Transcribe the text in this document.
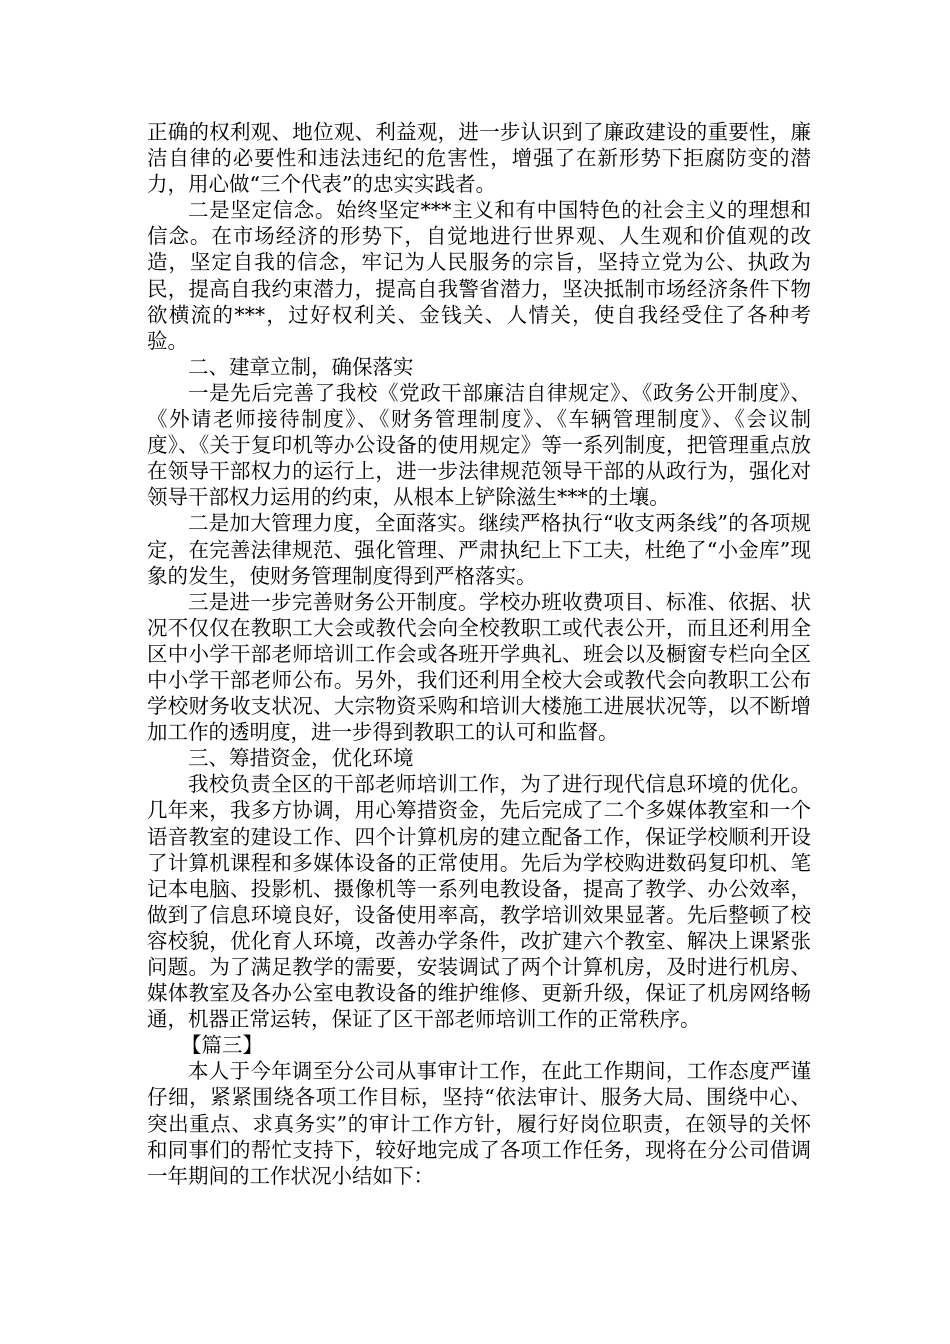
正确的权利观、地位观、利益观，进一步认识到了廉政建设的重要性，廉洁自律的必要性和违法违纪的危害性，增强了在新形势下拒腐防变的潜力，用心做“三个代表”的忠实实践者。

二是坚定信念。始终坚定***主义和有中国特色的社会主义的理想和信念。在市场经济的形势下，自觉地进行世界观、人生观和价值观的改造，坚定自我的信念，牢记为人民服务的宗旨，坚持立党为公、执政为民，提高自我约束潜力，提高自我警省潜力，坚决抵制市场经济条件下物欲横流的***，过好权利关、金钱关、人情关，使自我经受住了各种考验。

二、建章立制，确保落实

一是先后完善了我校《党政干部廉洁自律规定》、《政务公开制度》、《外请老师接待制度》、《财务管理制度》、《车辆管理制度》、《会议制度》、《关于复印机等办公设备的使用规定》等一系列制度，把管理重点放在领导干部权力的运行上，进一步法律规范领导干部的从政行为，强化对领导干部权力运用的约束，从根本上铲除滋生***的土壤。

二是加大管理力度，全面落实。继续严格执行“收支两条线”的各项规定，在完善法律规范、强化管理、严肃执纪上下工夫，杜绝了“小金库”现象的发生，使财务管理制度得到严格落实。

三是进一步完善财务公开制度。学校办班收费项目、标准、依据、状况不仅仅在教职工大会或教代会向全校教职工或代表公开，而且还利用全区中小学干部老师培训工作会或各班开学典礼、班会以及橱窗专栏向全区中小学干部老师公布。另外，我们还利用全校大会或教代会向教职工公布学校财务收支状况、大宗物资采购和培训大楼施工进展状况等，以不断增加工作的透明度，进一步得到教职工的认可和监督。

三、筹措资金，优化环境

我校负责全区的干部老师培训工作，为了进行现代信息环境的优化。几年来，我多方协调，用心筹措资金，先后完成了二个多媒体教室和一个语音教室的建设工作、四个计算机房的建立配备工作，保证学校顺利开设了计算机课程和多媒体设备的正常使用。先后为学校购进数码复印机、笔记本电脑、投影机、摄像机等一系列电教设备，提高了教学、办公效率，做到了信息环境良好，设备使用率高，教学培训效果显著。先后整顿了校容校貌，优化育人环境，改善办学条件，改扩建六个教室、解决上课紧张问题。为了满足教学的需要，安装调试了两个计算机房，及时进行机房、媒体教室及各办公室电教设备的维护维修、更新升级，保证了机房网络畅通，机器正常运转，保证了区干部老师培训工作的正常秩序。

【篇三】

本人于今年调至分公司从事审计工作，在此工作期间，工作态度严谨仔细，紧紧围绕各项工作目标，坚持“依法审计、服务大局、围绕中心、突出重点、求真务实”的审计工作方针，履行好岗位职责，在领导的关怀和同事们的帮忙支持下，较好地完成了各项工作任务，现将在分公司借调一年期间的工作状况小结如下：
